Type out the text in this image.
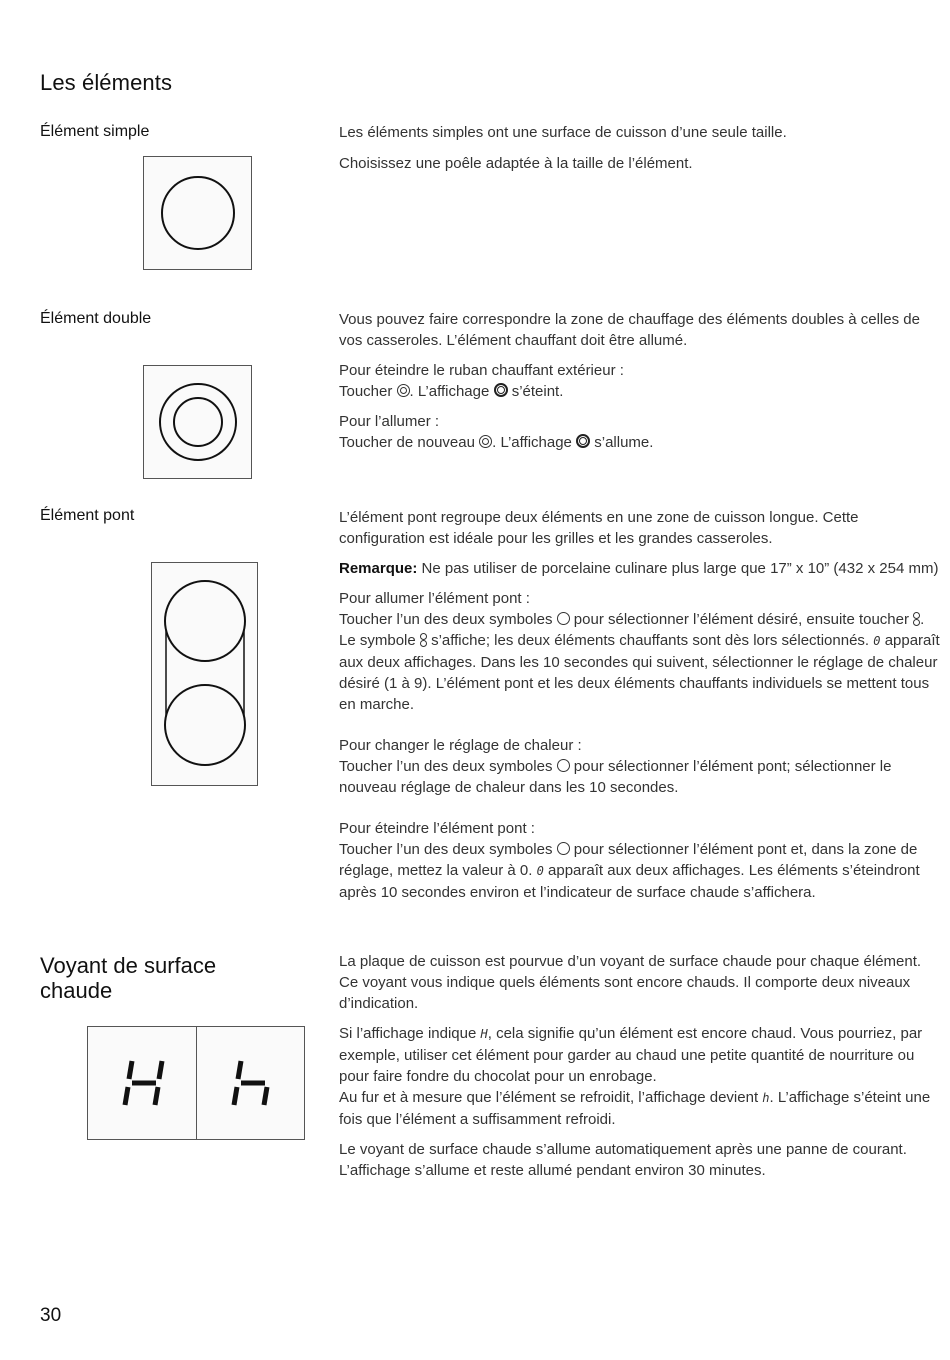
Les éléments
Élément simple	Les éléments simples ont une surface de cuisson d’une seule taille.

Choisissez une poêle adaptée à la taille de l’élément.

Élément double	Vous pouvez faire correspondre la zone de chauffage des éléments doubles à celles de vos casseroles. L’élément chauffant doit être allumé.

Pour éteindre le ruban chauffant extérieur :

Toucher . L’affichage s’éteint.

Pour l’allumer :

Toucher de nouveau . L’affichage s’allume.

Élément pont	L’élément pont regroupe deux éléments en une zone de cuisson longue. Cette configuration est idéale pour les grilles et les grandes casseroles.

Remarque: Ne pas utiliser de porcelaine culinare plus large que 17” x 10” (432 x 254 mm)

Pour allumer l’élément pont :

Toucher l’un des deux symboles pour sélectionner l’élément désiré, ensuite toucher . Le symbole s’affiche; les deux éléments chauffants sont dès lors sélectionnés. 0 apparaît aux deux affichages. Dans les 10 secondes qui suivent, sélectionner le réglage de chaleur désiré (1 à 9). L’élément pont et les deux éléments chauffants individuels se mettent tous en marche.

Pour changer le réglage de chaleur :

Toucher l’un des deux symboles pour sélectionner l’élément pont; sélectionner le nouveau réglage de chaleur dans les 10 secondes.

Pour éteindre l’élément pont :

Toucher l’un des deux symboles pour sélectionner l’élément pont et, dans la zone de réglage, mettez la valeur à 0. 0 apparaît aux deux affichages. Les éléments s’éteindront après 10 secondes environ et l’indicateur de surface chaude s’affichera.

Voyant de surface
chaude

La plaque de cuisson est pourvue d’un voyant de surface chaude pour chaque élément. Ce voyant vous indique quels éléments sont encore chauds. Il comporte deux niveaux d’indication.

Si l’affichage indique H, cela signifie qu’un élément est encore chaud. Vous pourriez, par exemple, utiliser cet élément pour garder au chaud une petite quantité de nourriture ou pour faire fondre du chocolat pour un enrobage.
Au fur et à mesure que l’élément se refroidit, l’affichage devient h. L’affichage s’éteint une fois que l’élément a suffisamment refroidi.

Le voyant de surface chaude s’allume automatiquement après une panne de courant. L’affichage s’allume et reste allumé pendant environ 30 minutes.

30
